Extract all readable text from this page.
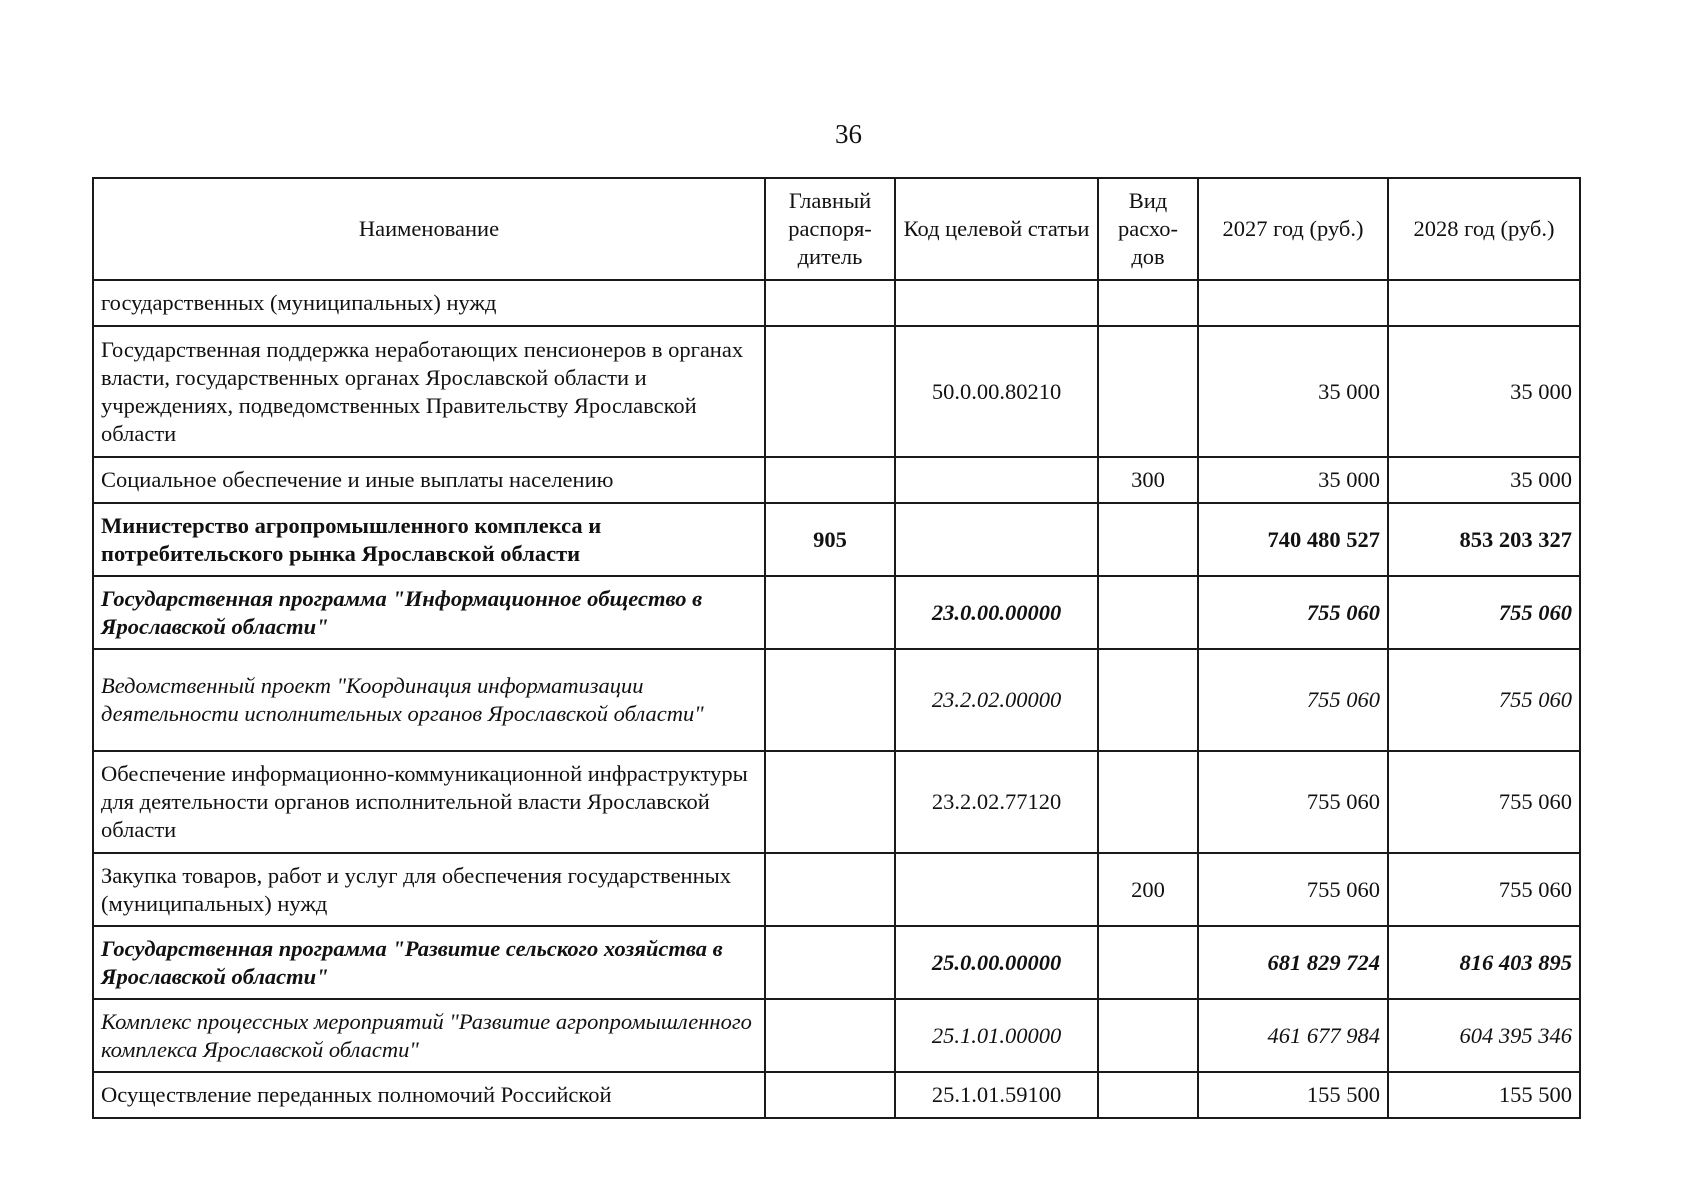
36
Наименование	Главный распоря- дитель	Код целевой статьи	Вид расхо- дов	2027 год (руб.)	2028 год (руб.)
государственных (муниципальных) нужд					
Государственная поддержка неработающих пенсионеров в органах власти, государственных органах Ярославской области и учреждениях, подведомственных Правительству Ярославской области		50.0.00.80210		35 000	35 000
Социальное обеспечение и иные выплаты населению			300	35 000	35 000
Министерство агропромышленного комплекса и потребительского рынка Ярославской области	905			740 480 527	853 203 327
Государственная программа "Информационное общество в Ярославской области"		23.0.00.00000		755 060	755 060
Ведомственный проект "Координация информатизации деятельности исполнительных органов Ярославской области"		23.2.02.00000		755 060	755 060
Обеспечение информационно-коммуникационной инфраструктуры для деятельности органов исполнительной власти Ярославской области		23.2.02.77120		755 060	755 060
Закупка товаров, работ и услуг для обеспечения государственных (муниципальных) нужд			200	755 060	755 060
Государственная программа "Развитие сельского хозяйства в Ярославской области"		25.0.00.00000		681 829 724	816 403 895
Комплекс процессных мероприятий "Развитие агропромышленного комплекса Ярославской области"		25.1.01.00000		461 677 984	604 395 346
Осуществление переданных полномочий Российской		25.1.01.59100		155 500	155 500
